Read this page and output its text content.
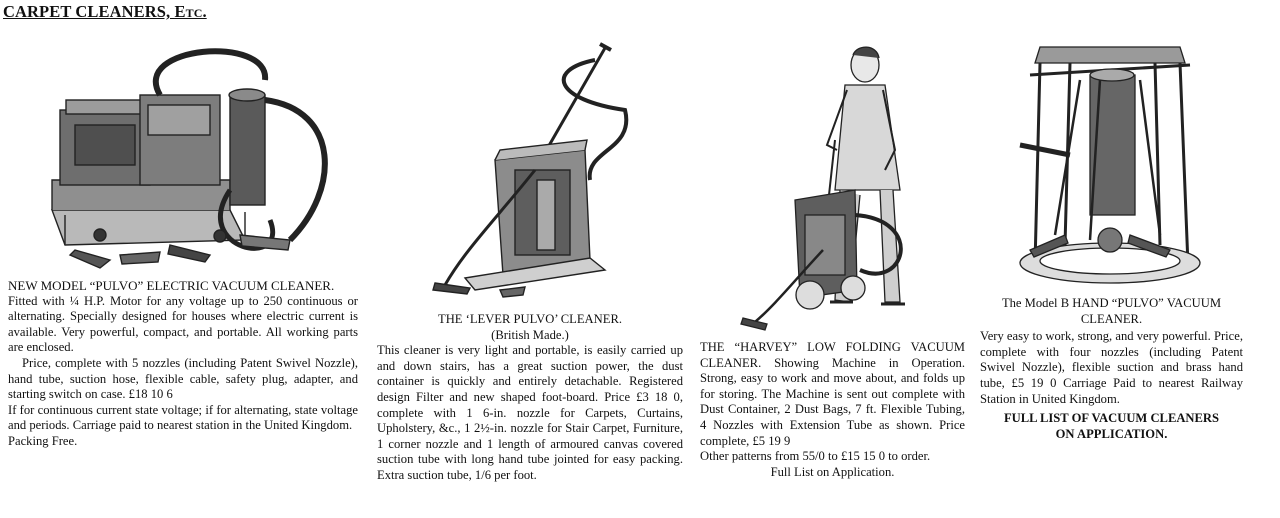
CARPET CLEANERS, Etc.

NEW MODEL “PULVO” ELECTRIC VACUUM CLEANER.

Fitted with ¼ H.P. Motor for any voltage up to 250 continuous or alternating. Specially designed for houses where electric current is available. Very powerful, compact, and portable. All working parts are enclosed.

Price, complete with 5 nozzles (including Patent Swivel Nozzle), hand tube, suction hose, flexible cable, safety plug, adapter, and starting switch on case. £18 10 6

If for continuous current state voltage; if for alternating, state voltage and periods. Carriage paid to nearest station in the United Kingdom.

Packing Free.

THE ‘LEVER PULVO’ CLEANER.

(British Made.)

This cleaner is very light and portable, is easily carried up and down stairs, has a great suction power, the dust container is quickly and entirely detachable. Registered design Filter and new shaped foot-board. Price £3 18 0, complete with 1 6-in. nozzle for Carpets, Curtains, Upholstery, &c., 1 2½-in. nozzle for Stair Carpet, Furniture, 1 corner nozzle and 1 length of armoured canvas covered suction tube with long hand tube jointed for easy packing. Extra suction tube, 1/6 per foot.

THE “HARVEY” LOW FOLDING VACUUM CLEANER. Showing Machine in Operation. Strong, easy to work and move about, and folds up for storing. The Machine is sent out complete with Dust Container, 2 Dust Bags, 7 ft. Flexible Tubing, 4 Nozzles with Extension Tube as shown. Price complete, £5 19 9

Other patterns from 55/0 to £15 15 0 to order.

Full List on Application.

The Model B HAND “PULVO” VACUUM CLEANER.

Very easy to work, strong, and very powerful. Price, complete with four nozzles (including Patent Swivel Nozzle), flexible suction and brass hand tube, £5 19 0 Carriage Paid to nearest Railway Station in United Kingdom.

FULL LIST OF VACUUM CLEANERS ON APPLICATION.
